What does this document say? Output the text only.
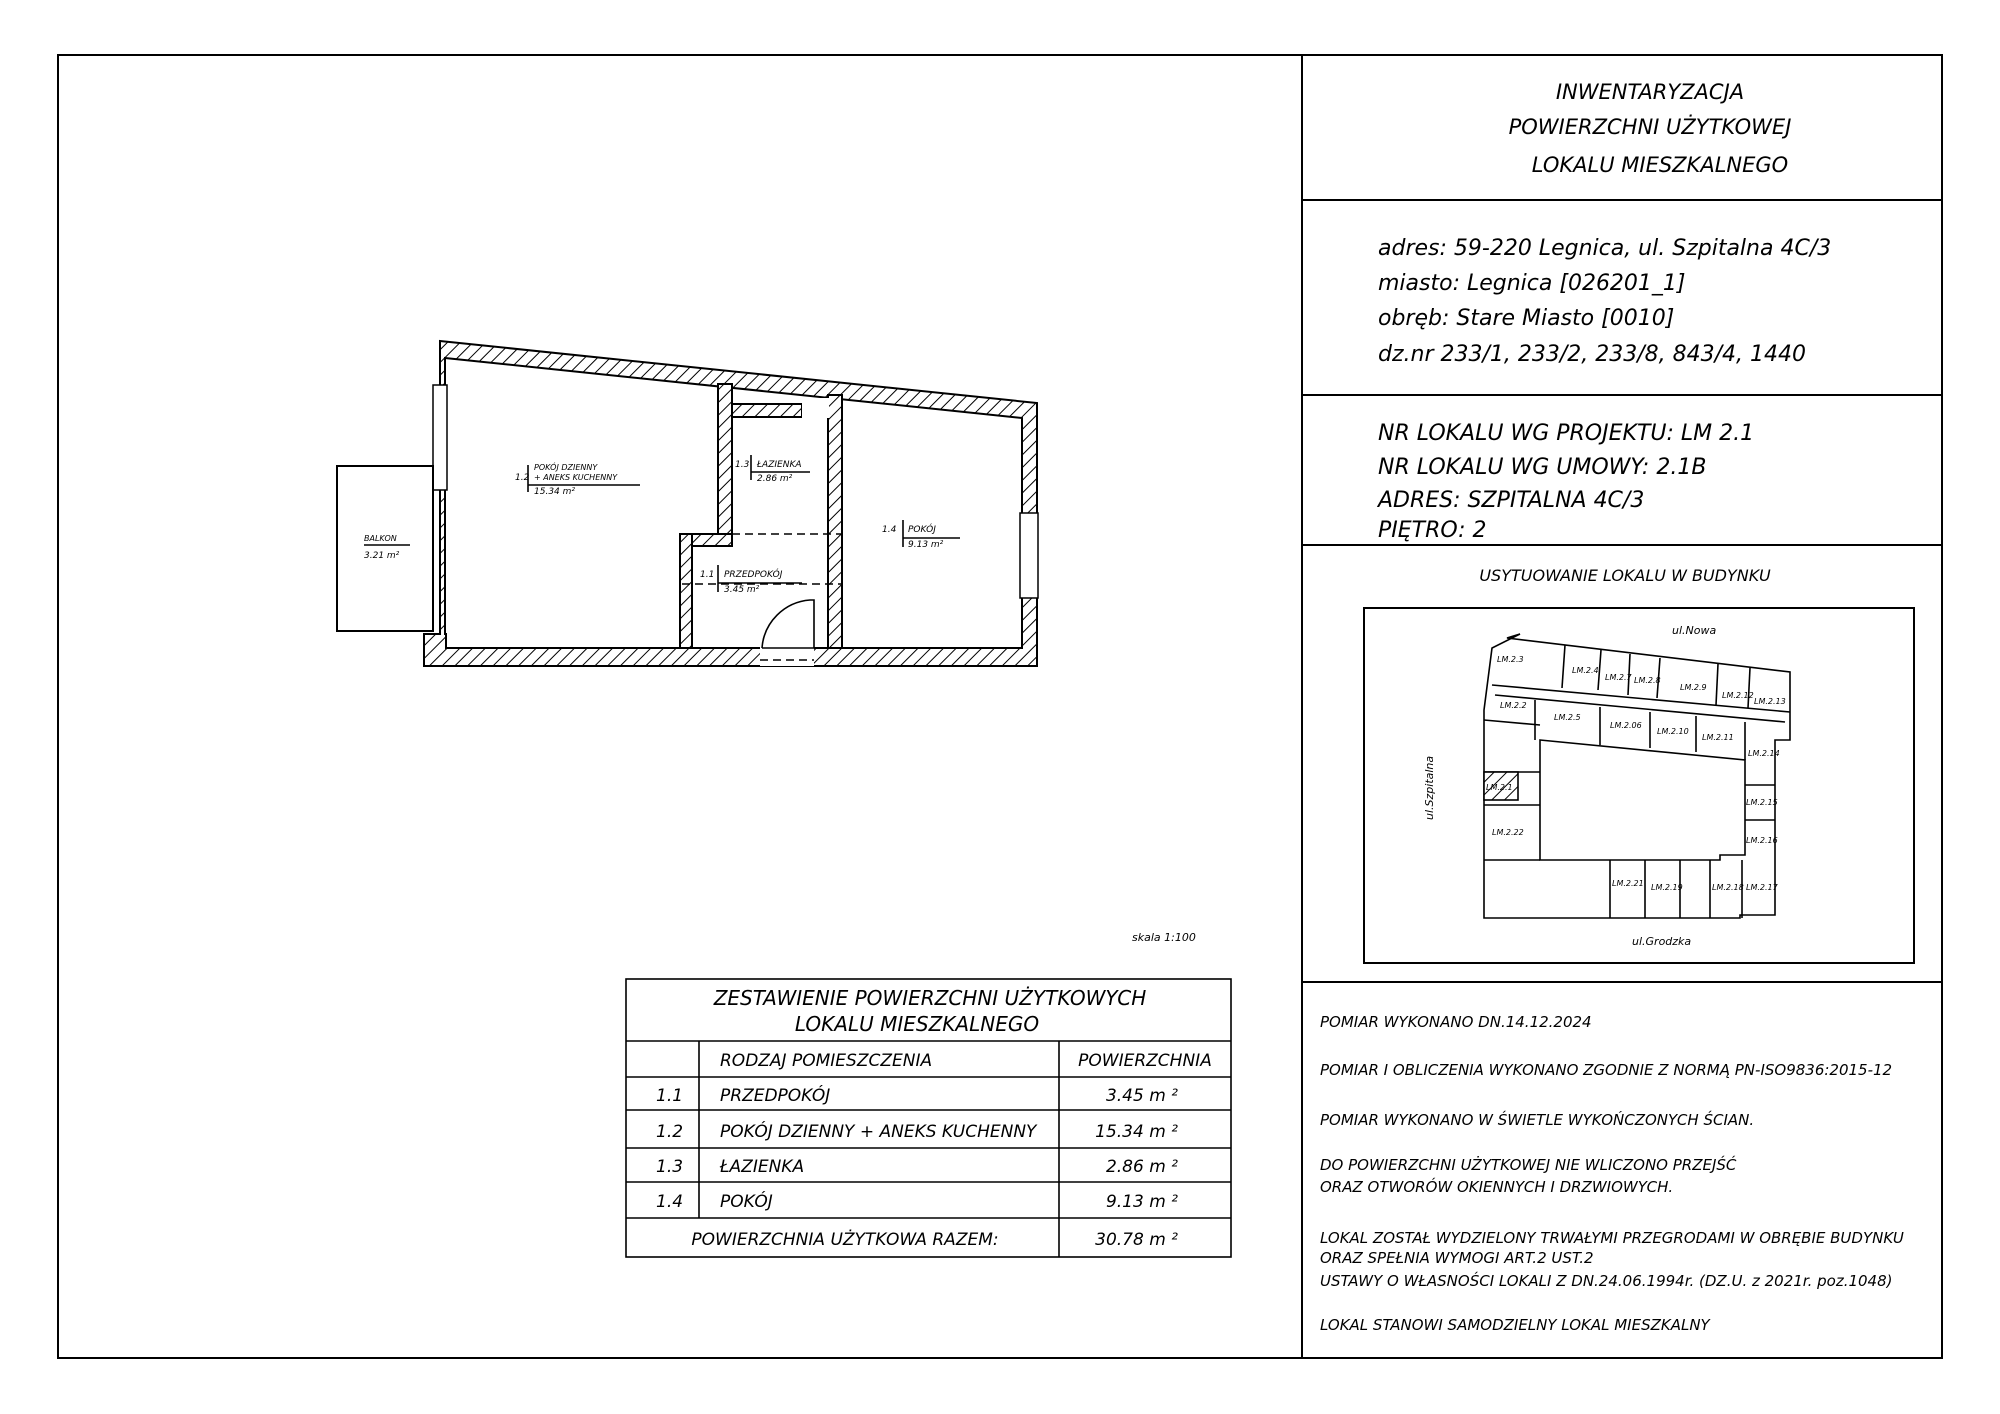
INWENTARYZACJA
POWIERZCHNI UŻYTKOWEJ
LOKALU MIESZKALNEGO
adres: 59-220 Legnica, ul. Szpitalna 4C/3
miasto: Legnica [026201_1]
obręb: Stare Miasto [0010]
dz.nr 233/1, 233/2, 233/8, 843/4, 1440
NR LOKALU WG PROJEKTU: LM 2.1
NR LOKALU WG UMOWY: 2.1B
ADRES: SZPITALNA 4C/3
PIĘTRO: 2
USYTUOWANIE LOKALU W BUDYNKU
LM.2.3
LM.2.4
LM.2.7 LM.2.8
LM.2.9
LM.2.12
LM.2.13
LM.2.2
LM.2.5
LM.2.06
LM.2.10
LM.2.11
LM.2.14
LM.2.1
LM.2.15
LM.2.16
LM.2.22
LM.2.21 LM.2.19	LM.2.18 LM.2.17
ul.Nowa
ul.Grodzka
ul.Szpitalna
POMIAR WYKONANO DN.14.12.2024
POMIAR I OBLICZENIA WYKONANO ZGODNIE Z NORMĄ PN-ISO9836:2015-12
POMIAR WYKONANO W ŚWIETLE WYKOŃCZONYCH ŚCIAN.
DO POWIERZCHNI UŻYTKOWEJ NIE WLICZONO PRZEJŚĆ
ORAZ OTWORÓW OKIENNYCH I DRZWIOWYCH.
LOKAL ZOSTAŁ WYDZIELONY TRWAŁYMI PRZEGRODAMI W OBRĘBIE BUDYNKU
ORAZ SPEŁNIA WYMOGI ART.2 UST.2
USTAWY O WŁASNOŚCI LOKALI Z DN.24.06.1994r. (DZ.U. z 2021r. poz.1048)
LOKAL STANOWI SAMODZIELNY LOKAL MIESZKALNY
1.2
POKÓJ DZIENNY
+ ANEKS KUCHENNY
15.34 m²
1.3 ŁAZIENKA
2.86 m²
1.4 POKÓJ
9.13 m²
1.1 PRZEDPOKÓJ
3.45 m²
BALKON
3.21 m²
skala 1:100
ZESTAWIENIE POWIERZCHNI UŻYTKOWYCH
LOKALU MIESZKALNEGO
RODZAJ POMIESZCZENIA	POWIERZCHNIA
1.1 PRZEDPOKÓJ	3.45 m ²
1.2 POKÓJ DZIENNY + ANEKS KUCHENNY	15.34 m ²
1.3 ŁAZIENKA	2.86 m ²
1.4 POKÓJ	9.13 m ²
POWIERZCHNIA UŻYTKOWA RAZEM:	30.78 m ²
